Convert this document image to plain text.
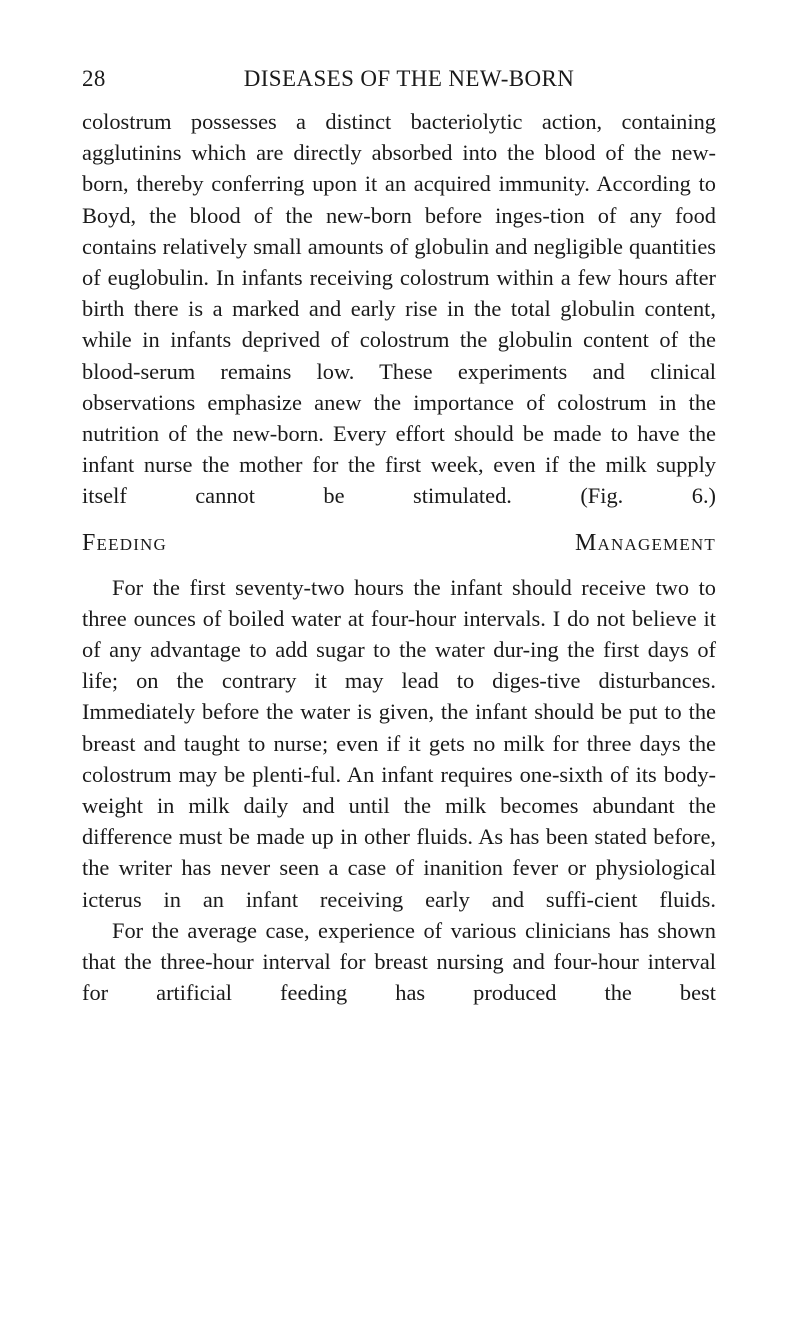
28	DISEASES OF THE NEW-BORN

colostrum possesses a distinct bacteriolytic action, containing agglutinins which are directly absorbed into the blood of the new-born, thereby conferring upon it an acquired immunity. According to Boyd, the blood of the new-born before inges-tion of any food contains relatively small amounts of globulin and negligible quantities of euglobulin. In infants receiving colostrum within a few hours after birth there is a marked and early rise in the total globulin content, while in infants deprived of colostrum the globulin content of the blood-serum remains low. These experiments and clinical observations emphasize anew the importance of colostrum in the nutrition of the new-born. Every effort should be made to have the infant nurse the mother for the first week, even if the milk supply itself cannot be stimulated. (Fig. 6.)

Feeding Management

For the first seventy-two hours the infant should receive two to three ounces of boiled water at four-hour intervals. I do not believe it of any advantage to add sugar to the water dur-ing the first days of life; on the contrary it may lead to diges-tive disturbances. Immediately before the water is given, the infant should be put to the breast and taught to nurse; even if it gets no milk for three days the colostrum may be plenti-ful. An infant requires one-sixth of its body-weight in milk daily and until the milk becomes abundant the difference must be made up in other fluids. As has been stated before, the writer has never seen a case of inanition fever or physiological icterus in an infant receiving early and suffi-cient fluids.

For the average case, experience of various clinicians has shown that the three-hour interval for breast nursing and four-hour interval for artificial feeding has produced the best
